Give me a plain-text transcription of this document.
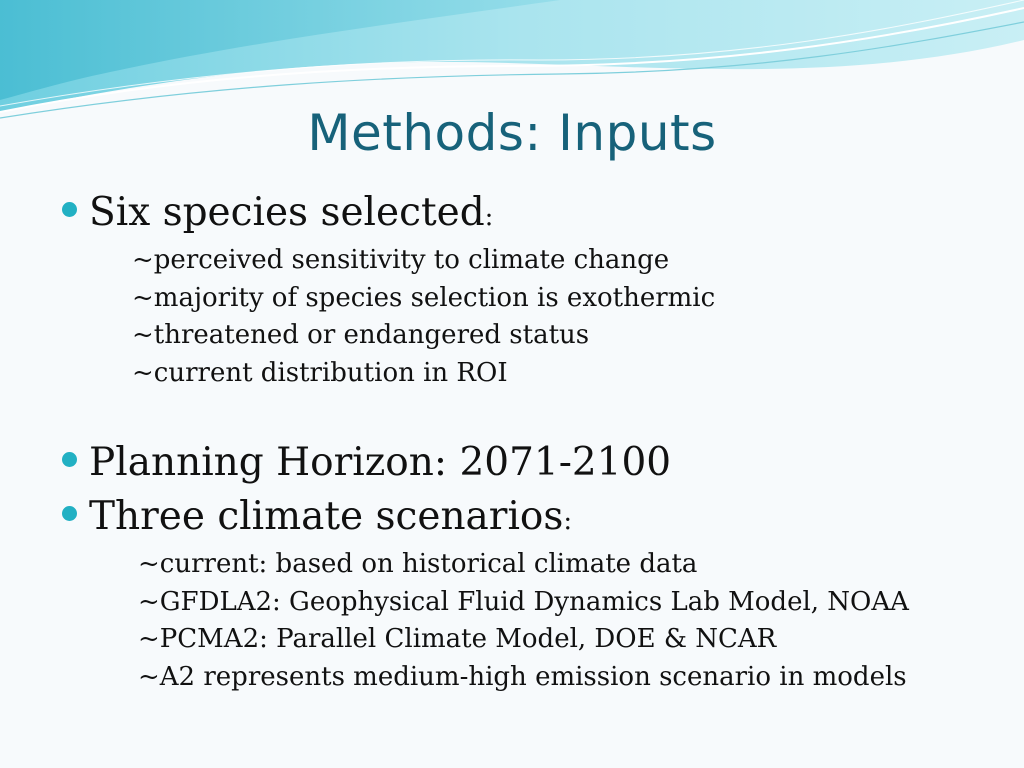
Methods: Inputs
Six species selected:
~perceived sensitivity to climate change
~majority of species selection is exothermic
~threatened or endangered status
~current distribution in ROI
Planning Horizon: 2071-2100
Three climate scenarios:
~current: based on historical climate data
~GFDLA2: Geophysical Fluid Dynamics Lab Model, NOAA
~PCMA2: Parallel Climate Model, DOE & NCAR
~A2 represents medium-high emission scenario in models
